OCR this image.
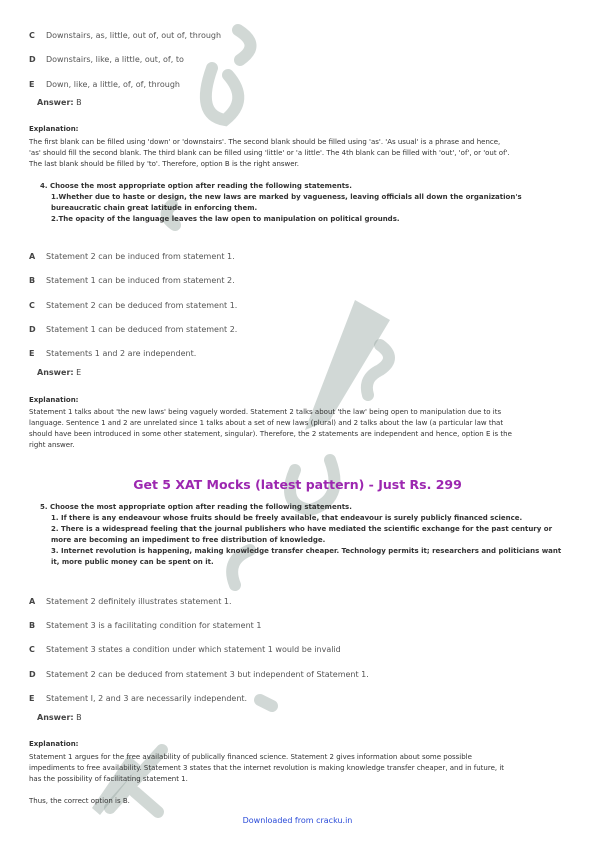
C Downstairs, as, little, out of, out of, through
D Downstairs, like, a little, out, of, to
E Down, like, a little, of, of, through
Answer: B
Explanation:
The first blank can be filled using 'down' or 'downstairs'. The second blank should be filled using 'as'. 'As usual' is a phrase and hence,
'as' should fill the second blank. The third blank can be filled using 'little' or 'a little'. The 4th blank can be filled with 'out', 'of', or 'out of'.
The last blank should be filled by 'to'. Therefore, option B is the right answer.
4. Choose the most appropriate option after reading the following statements.
1.Whether due to haste or design, the new laws are marked by vagueness, leaving officials all down the organization's
bureaucratic chain great latitude in enforcing them.
2.The opacity of the language leaves the law open to manipulation on political grounds.
A Statement 2 can be induced from statement 1.
B Statement 1 can be induced from statement 2.
C Statement 2 can be deduced from statement 1.
D Statement 1 can be deduced from statement 2.
E Statements 1 and 2 are independent.
Answer: E
Explanation:
Statement 1 talks about 'the new laws' being vaguely worded. Statement 2 talks about 'the law' being open to manipulation due to its
language. Sentence 1 and 2 are unrelated since 1 talks about a set of new laws (plural) and 2 talks about the law (a particular law that
should have been introduced in some other statement, singular). Therefore, the 2 statements are independent and hence, option E is the
right answer.
Get 5 XAT Mocks (latest pattern) - Just Rs. 299
5. Choose the most appropriate option after reading the following statements.
1. If there is any endeavour whose fruits should be freely available, that endeavour is surely publicly financed science.
2. There is a widespread feeling that the journal publishers who have mediated the scientific exchange for the past century or
more are becoming an impediment to free distribution of knowledge.
3. Internet revolution is happening, making knowledge transfer cheaper. Technology permits it; researchers and politicians want
it, more public money can be spent on it.
A Statement 2 definitely illustrates statement 1.
B Statement 3 is a facilitating condition for statement 1
C Statement 3 states a condition under which statement 1 would be invalid
D Statement 2 can be deduced from statement 3 but independent of Statement 1.
E Statement I, 2 and 3 are necessarily independent.
Answer: B
Explanation:
Statement 1 argues for the free availability of publically financed science. Statement 2 gives information about some possible
impediments to free availability. Statement 3 states that the internet revolution is making knowledge transfer cheaper, and in future, it
has the possibility of facilitating statement 1.
Thus, the correct option is B.
Downloaded from cracku.in
